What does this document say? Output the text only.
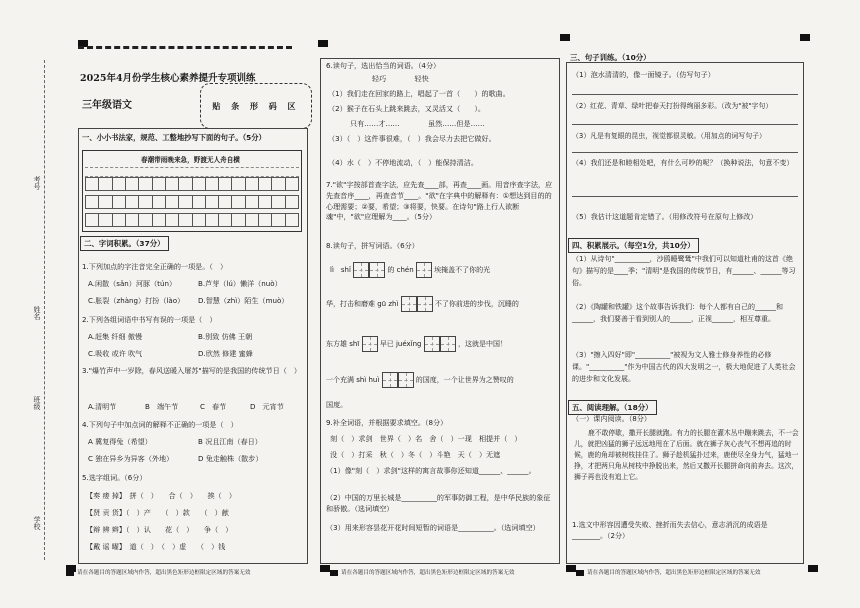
考号
姓名
班级
学校
2025年4月份学生核心素养提升专项训练
三年级语文	贴 条 形 码 区
一、小小书法家，规范、工整地抄写下面的句子。（5分）
春潮带雨晚来急，野渡无人舟自横
二、字词积累。（37分）
1.下列加点的字注音完全正确的一项是。（　）
A.闲散（sǎn）河豚（tún）	B.芦芽（lú）懒洋（nuò）
C.胀裂（zhàng）打扮（lào） D.智慧（zhì）陌生（muò）
2.下列各组词语中书写有误的一项是（　）
A.赶集 纤细 傲慢	B.别致 仿佛 王朝
C.吸收 或许 吹气	D.欣然 修建 蜜蜂
3."爆竹声中一岁除，春风送暖入屠苏"描写的是我国的传统节日（　）
A.清明节	B　端午节	C　春节	D　元宵节
4.下列句子中加点词的解释不正确的一项是（　）
A 冀复得兔（希望）	B 况且江南（春日）
C 独在异乡为异客（外地）	D 兔走触株（散步）
5.选字组词。（6分）
【奏 痿 掉】　拼（　）　　合（　）　　挨（　）
【贤 贡 货】（　）产　　（　）款　　（　）献
【辩 辨 辫】（　）认　　花（　）　　争（　）
【戴 谣 曜】　道（　）　（　）虚　　（　）钱
6.读句子，选出恰当的词语。（4分）
轻巧　　　　轻快
（1）我们走在回家的路上，唱起了一首（　　）的歌曲。
（2）猴子在石头上跳来跳去，又灵活又（　　）。
只有……才……　　　　虽然……但是……
（3）（　）这件事很难，（　）我会尽力去把它做好。
（4）水（　）不停地流动，（　）能保持清洁。
7."欲"字按部首查字法，应先查____部，再查____画。用音序查字法，应先查音序____，再查音节____。"欲"在字典中的解释有：①想达到目的的心理需要；②要，希望；③将要，快要。在诗句"路上行人欲断魂"中，"欲"应理解为____。（5分）
8.读句子，拼写词语。（6分）
lì　shǐ	的 chén	埃掩盖不了你的光
华，打击和磨难 gū zhì	不了你前进的步伐，沉睡的
东方雄 shī	早已 juéxǐng	，这就是中国！
一个充满 shì huì	的国度，一个让世界为之赞叹的
国度。
9.补全词语，并根据要求填空。（8分）
刻（　）求剑　世界（　）名　舍（　）一现　相提并（　）
没（　）打采　秋（　）冬（　）斗艳　天（　）无遮
（1）像"刻（　）求剑"这样的寓言故事你还知道______、______。
（2）中国的万里长城是__________的军事防御工程，是中华民族的象征和骄傲。（选词填空）
（3）用来形容昙花开花时间短暂的词语是__________。（选词填空）
三、句子训练。（10分）
（1）泡水清清的，像一面镜子。（仿写句子）
（2）红花、青草、绿叶把春天打扮得绚丽多彩。（改为"被"字句）
（3）凡是有复眼的昆虫，视觉都很灵敏。（用加点的词写句子）
（4）我们还是和睦相处吧，有什么可吵的呢？（换种说法，句意不变）
（5）我估计这道题肯定错了。（用修改符号在原句上修改）
四、积累展示。（每空1分，共10分）
（1）从诗句"__________，沙鸥睡鹭鸶"中我们可以知道杜甫的这首《绝句》描写的是____季；"清明"是我国的传统节日，有______、______等习俗。
（2）《陶罐和铁罐》这个故事告诉我们：每个人都有自己的______和______，我们要善于看到别人的______，正视______，相互尊重。
（3）"擦入四好"即"__________"被视为文人雅士修身养性的必修课。"__________"作为中国古代的四大发明之一，极大地促进了人类社会的进步和文化发展。
五、阅读理解。（18分）
（一）课内阅读。（8分）
鹿不敢停歇，撒开长腿就跑。有力的长腿在灌木丛中蹦来跳去，不一会儿，就把凶猛的狮子远远地甩在了后面。就在狮子灰心丧气不想再追的时候，鹿的角却被树枝挂住了。狮子趁机猛扑过来，鹿使尽全身力气，猛地一挣，才把两只角从树枝中挣脱出来，然后又撒开长腿拼命向前奔去。这次，狮子再也没有追上它。
1.选文中形容因遭受失败、挫折而失去信心，意志消沉的成语是________。（2分）
请在各题目的答题区域内作答，超出黑色矩形边框限定区域的答案无效	请在各题目的答题区域内作答，超出黑色矩形边框限定区域的答案无效	请在各题目的答题区域内作答，超出黑色矩形边框限定区域的答案无效
